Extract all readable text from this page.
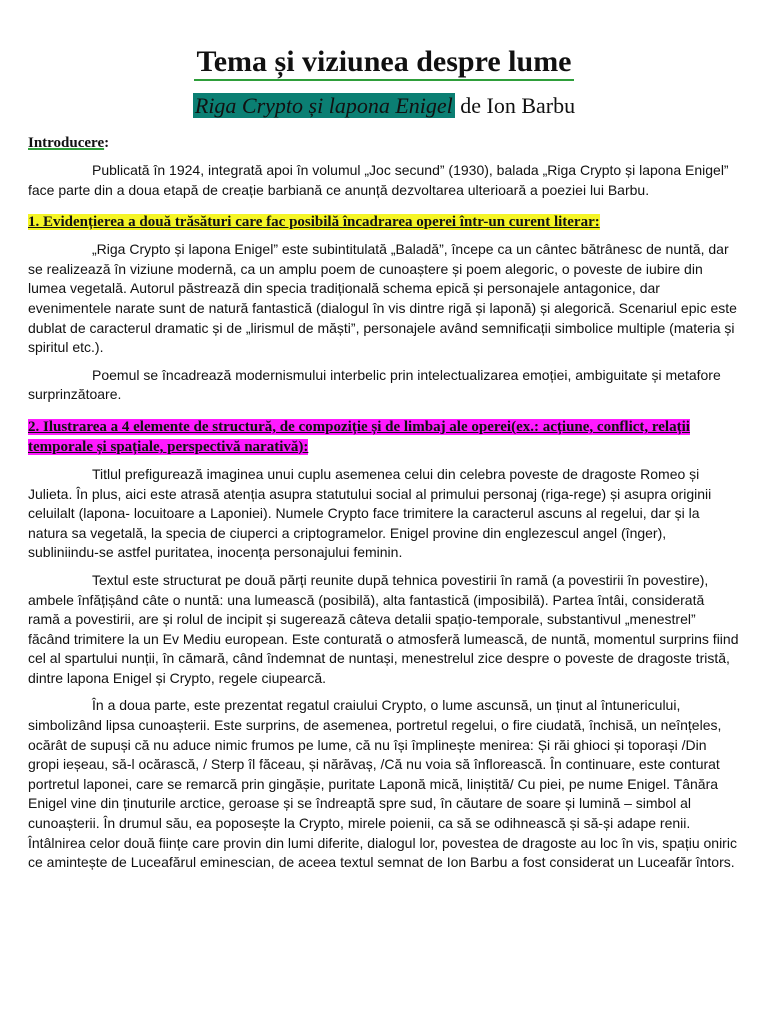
Tema și viziunea despre lume
Riga Crypto și lapona Enigel de Ion Barbu
Introducere:

Publicată în 1924, integrată apoi în volumul „Joc secund” (1930), balada „Riga Crypto și lapona Enigel” face parte din a doua etapă de creație barbiană ce anunță dezvoltarea ulterioară a poeziei lui Barbu.

1. Evidențierea a două trăsături care fac posibilă încadrarea operei într-un curent literar:

„Riga Crypto și lapona Enigel” este subintitulată „Baladă”, începe ca un cântec bătrânesc de nuntă, dar se realizează în viziune modernă, ca un amplu poem de cunoaștere și poem alegoric, o poveste de iubire din lumea vegetală. Autorul păstrează din specia tradițională schema epică și personajele antagonice, dar evenimentele narate sunt de natură fantastică (dialogul în vis dintre rigă și laponă) și alegorică. Scenariul epic este dublat de caracterul dramatic și de „lirismul de măști”, personajele având semnificații simbolice multiple (materia și spiritul etc.).

Poemul se încadrează modernismului interbelic prin intelectualizarea emoției, ambiguitate și metafore surprinzătoare.

2. Ilustrarea a 4 elemente de structură, de compoziție și de limbaj ale operei(ex.: acțiune, conflict, relații temporale și spațiale, perspectivă narativă):

Titlul prefigurează imaginea unui cuplu asemenea celui din celebra poveste de dragoste Romeo și Julieta. În plus, aici este atrasă atenția asupra statutului social al primului personaj (riga-rege) și asupra originii celuilalt (lapona- locuitoare a Laponiei). Numele Crypto face trimitere la caracterul ascuns al regelui, dar și la natura sa vegetală, la specia de ciuperci a criptogramelor. Enigel provine din englezescul angel (înger), subliniindu-se astfel puritatea, inocența personajului feminin.

Textul este structurat pe două părți reunite după tehnica povestirii în ramă (a povestirii în povestire), ambele înfățișând câte o nuntă: una lumească (posibilă), alta fantastică (imposibilă). Partea întâi, considerată ramă a povestirii, are și rolul de incipit și sugerează câteva detalii spațio-temporale, substantivul „menestrel” făcând trimitere la un Ev Mediu european. Este conturată o atmosferă lumească, de nuntă, momentul surprins fiind cel al spartului nunții, în cămară, când îndemnat de nuntași, menestrelul zice despre o poveste de dragoste tristă, dintre lapona Enigel și Crypto, regele ciupearcă.

În a doua parte, este prezentat regatul craiului Crypto, o lume ascunsă, un ținut al întunericului, simbolizând lipsa cunoașterii. Este surprins, de asemenea, portretul regelui, o fire ciudată, închisă, un neînțeles, ocărât de supuși că nu aduce nimic frumos pe lume, că nu își împlinește menirea: Și răi ghioci și toporași /Din gropi ieșeau, să-l ocărască, / Sterp îl făceau, și nărăvaș, /Că nu voia să înflorească. În continuare, este conturat portretul laponei, care se remarcă prin gingășie, puritate Laponă mică, liniștită/ Cu piei, pe nume Enigel. Tânăra Enigel vine din ținuturile arctice, geroase și se îndreaptă spre sud, în căutare de soare și lumină – simbol al cunoașterii. În drumul său, ea poposește la Crypto, mirele poienii, ca să se odihnească și să-și adape renii. Întâlnirea celor două ființe care provin din lumi diferite, dialogul lor, povestea de dragoste au loc în vis, spațiu oniric ce amintește de Luceafărul eminescian, de aceea textul semnat de Ion Barbu a fost considerat un Luceafăr întors.
